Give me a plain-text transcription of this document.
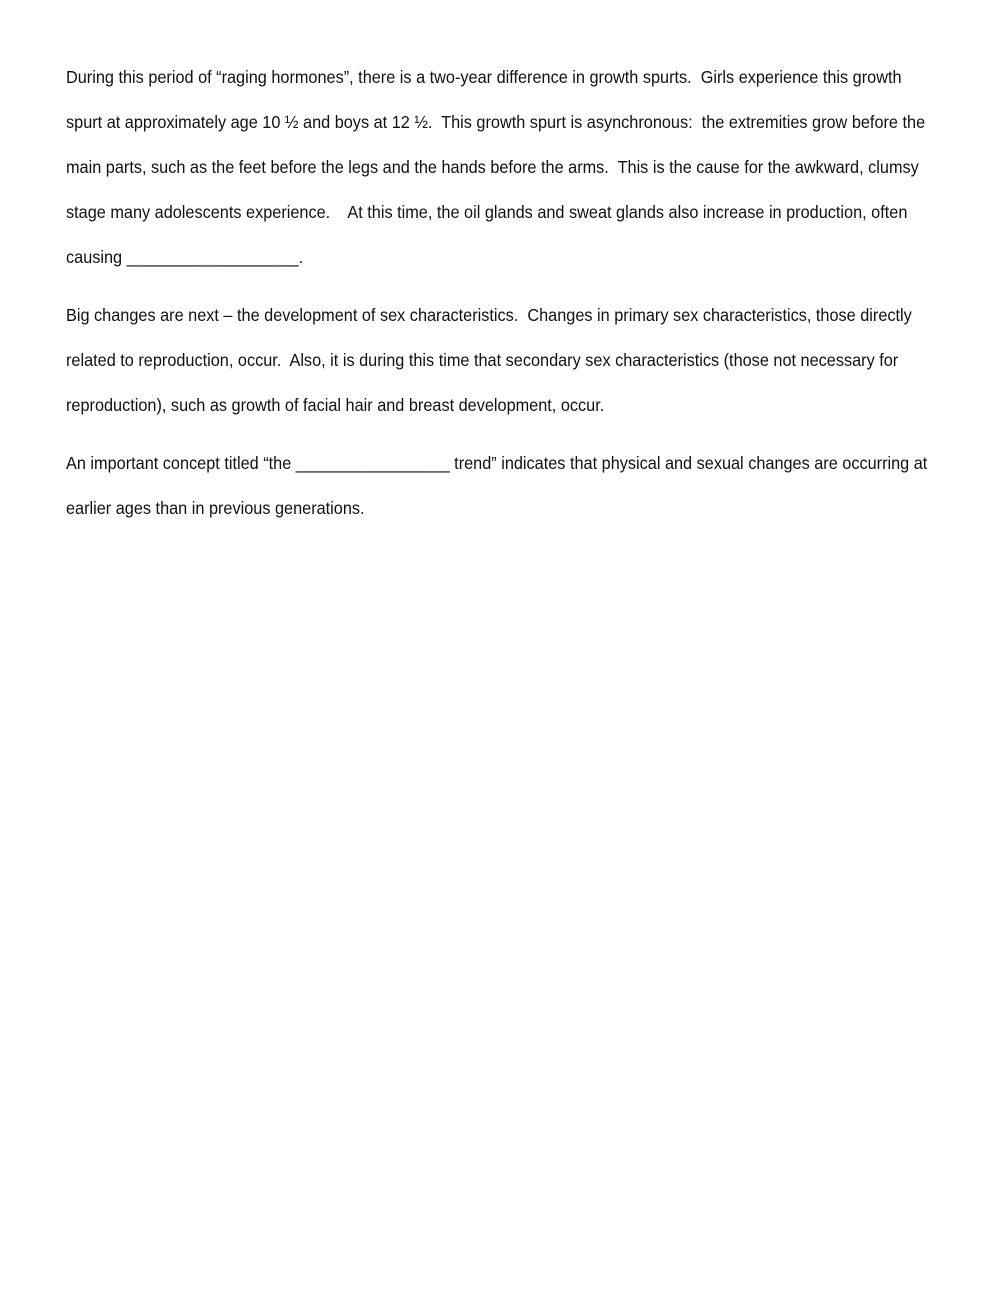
During this period of “raging hormones”, there is a two-year difference in growth spurts.  Girls experience this growth
spurt at approximately age 10 ½ and boys at 12 ½.  This growth spurt is asynchronous:  the extremities grow before the
main parts, such as the feet before the legs and the hands before the arms.  This is the cause for the awkward, clumsy
stage many adolescents experience.    At this time, the oil glands and sweat glands also increase in production, often
causing ___________________.
Big changes are next – the development of sex characteristics.  Changes in primary sex characteristics, those directly
related to reproduction, occur.  Also, it is during this time that secondary sex characteristics (those not necessary for
reproduction), such as growth of facial hair and breast development, occur.
An important concept titled “the _________________ trend” indicates that physical and sexual changes are occurring at
earlier ages than in previous generations.
